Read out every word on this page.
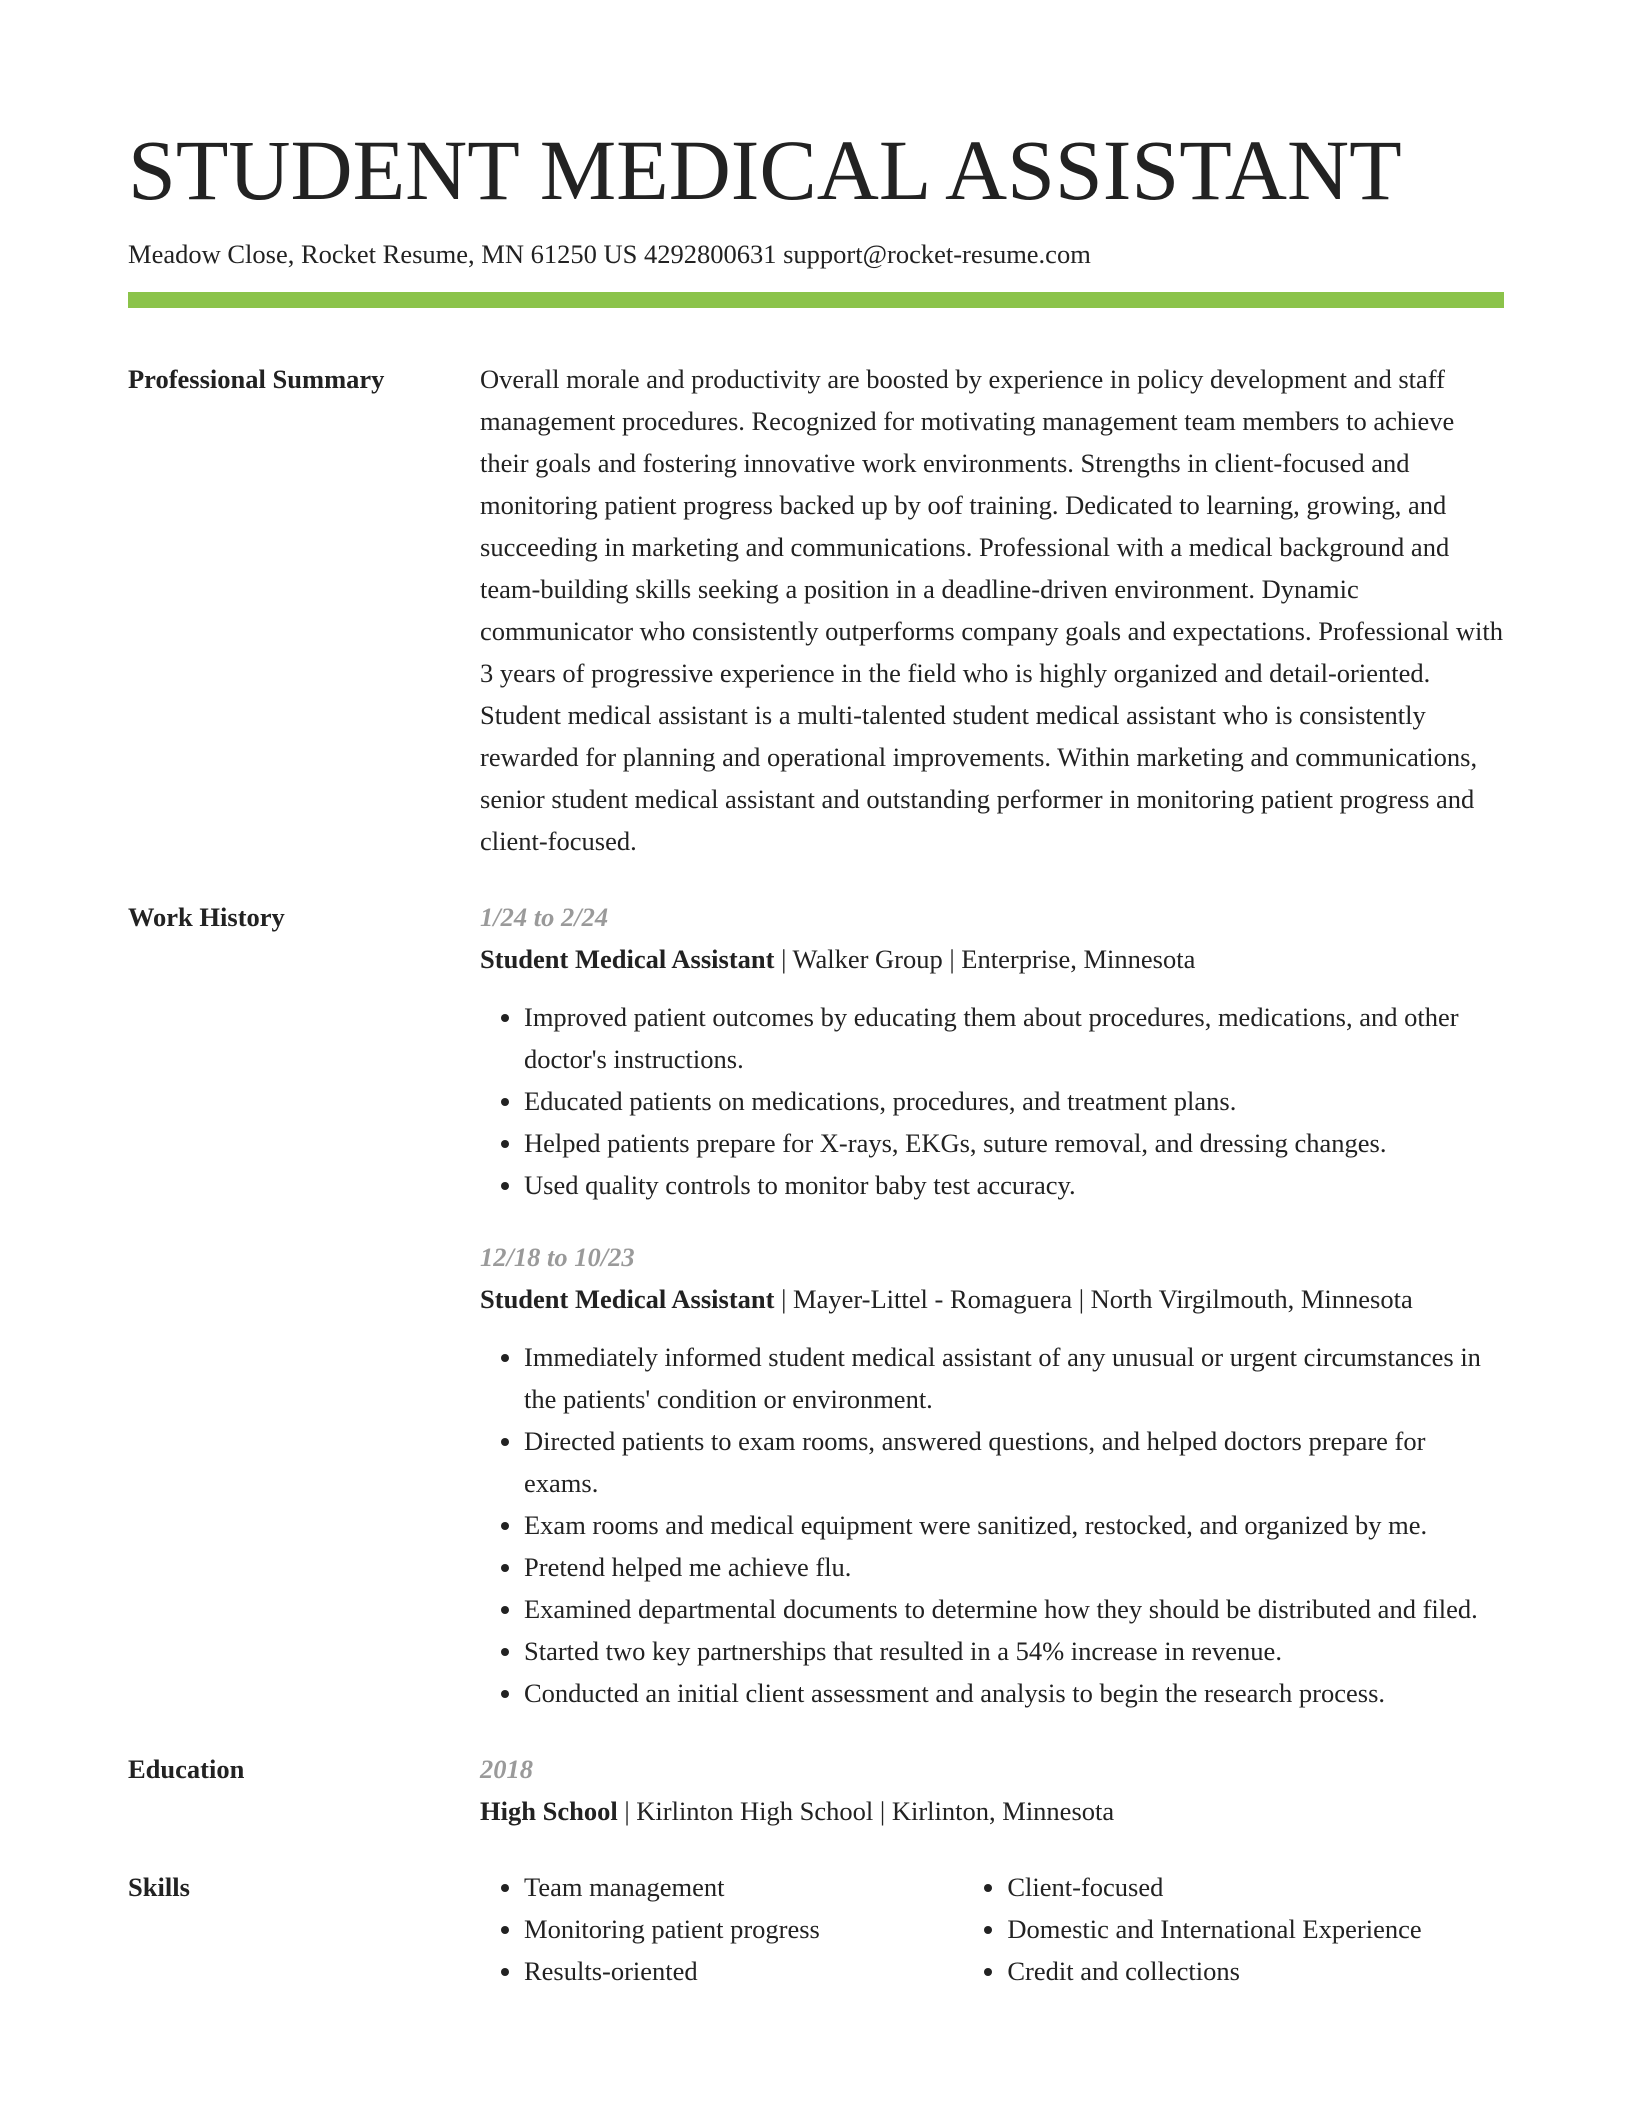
STUDENT MEDICAL ASSISTANT
Meadow Close, Rocket Resume, MN 61250 US 4292800631 support@rocket-resume.com
Professional Summary	Overall morale and productivity are boosted by experience in policy development and staff management procedures. Recognized for motivating management team members to achieve their goals and fostering innovative work environments. Strengths in client-focused and monitoring patient progress backed up by oof training. Dedicated to learning, growing, and succeeding in marketing and communications. Professional with a medical background and team-building skills seeking a position in a deadline-driven environment. Dynamic communicator who consistently outperforms company goals and expectations. Professional with 3 years of progressive experience in the field who is highly organized and detail-oriented. Student medical assistant is a multi-talented student medical assistant who is consistently rewarded for planning and operational improvements. Within marketing and communications, senior student medical assistant and outstanding performer in monitoring patient progress and client-focused.

Work History	1/24 to 2/24
Student Medical Assistant | Walker Group | Enterprise, Minnesota
• Improved patient outcomes by educating them about procedures, medications, and other doctor's instructions.
• Educated patients on medications, procedures, and treatment plans.
• Helped patients prepare for X-rays, EKGs, suture removal, and dressing changes.
• Used quality controls to monitor baby test accuracy.
12/18 to 10/23
Student Medical Assistant | Mayer-Littel - Romaguera | North Virgilmouth, Minnesota
• Immediately informed student medical assistant of any unusual or urgent circumstances in the patients' condition or environment.
• Directed patients to exam rooms, answered questions, and helped doctors prepare for exams.
• Exam rooms and medical equipment were sanitized, restocked, and organized by me.
• Pretend helped me achieve flu.
• Examined departmental documents to determine how they should be distributed and filed.
• Started two key partnerships that resulted in a 54% increase in revenue.
• Conducted an initial client assessment and analysis to begin the research process.
Education	2018
High School | Kirlinton High School | Kirlinton, Minnesota
Skills
•	Team management
• Monitoring patient progress
• Results-oriented
• Client-focused
• Domestic and International Experience
• Credit and collections
